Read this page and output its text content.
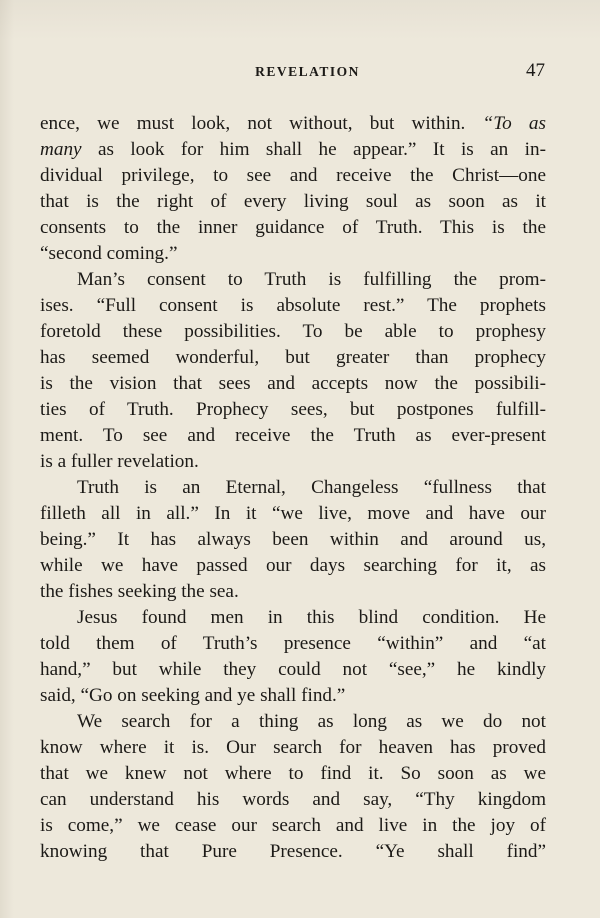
REVELATION	47
ence, we must look, not without, but within. “To as
many as look for him shall he appear.” It is an in-
dividual privilege, to see and receive the Christ—one
that is the right of every living soul as soon as it
consents to the inner guidance of Truth. This is the
“second coming.”
Man’s consent to Truth is fulfilling the prom-
ises. “Full consent is absolute rest.” The prophets
foretold these possibilities. To be able to prophesy
has seemed wonderful, but greater than prophecy
is the vision that sees and accepts now the possibili-
ties of Truth. Prophecy sees, but postpones fulfill-
ment. To see and receive the Truth as ever-present
is a fuller revelation.
Truth is an Eternal, Changeless “fullness that
filleth all in all.” In it “we live, move and have our
being.” It has always been within and around us,
while we have passed our days searching for it, as
the fishes seeking the sea.
Jesus found men in this blind condition. He
told them of Truth’s presence “within” and “at
hand,” but while they could not “see,” he kindly
said, “Go on seeking and ye shall find.”
We search for a thing as long as we do not
know where it is. Our search for heaven has proved
that we knew not where to find it. So soon as we
can understand his words and say, “Thy kingdom
is come,” we cease our search and live in the joy of
knowing that Pure Presence. “Ye shall find”
